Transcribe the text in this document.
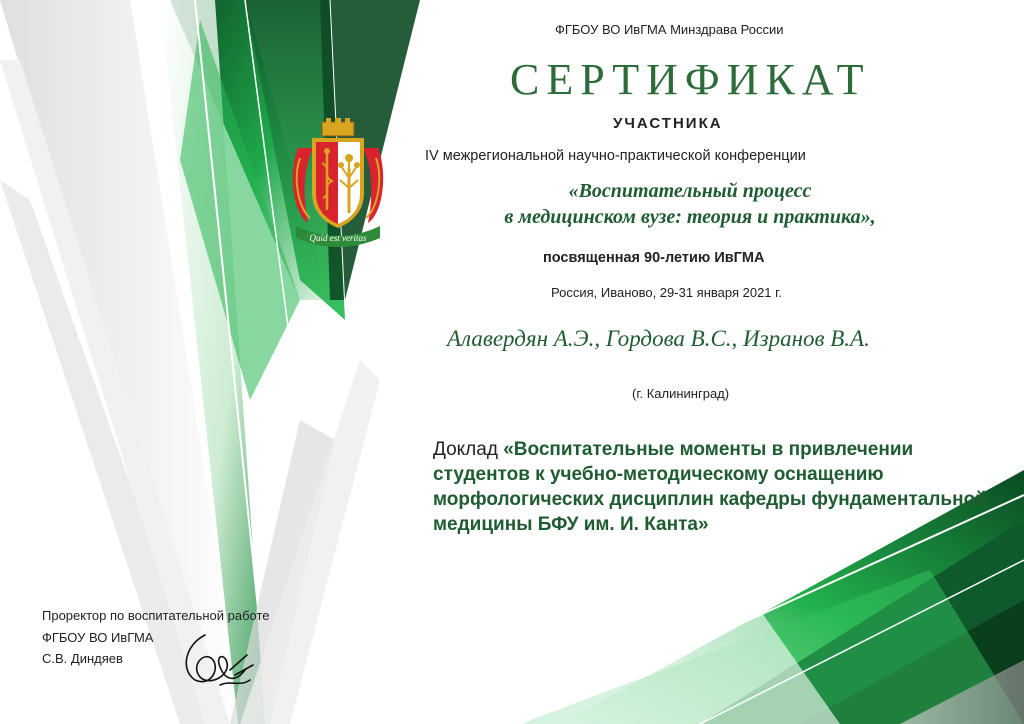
Quid est veritas
ФГБОУ ВО ИвГМА Минздрава России
СЕРТИФИКАТ
УЧАСТНИКА
IV межрегиональной научно-практической конференции
«Воспитательный процесс
в медицинском вузе: теория и практика»,
посвященная 90-летию ИвГМА
Россия, Иваново, 29-31 января 2021 г.
Алавердян А.Э., Гордова В.С., Изранов В.А.
(г. Калининград)
Доклад «Воспитательные моменты в привлечении студентов к учебно-методическому оснащению морфологических дисциплин кафедры фундаментальной медицины БФУ им. И. Канта»
Проректор по воспитательной работе
ФГБОУ ВО ИвГМА
С.В. Диндяев
